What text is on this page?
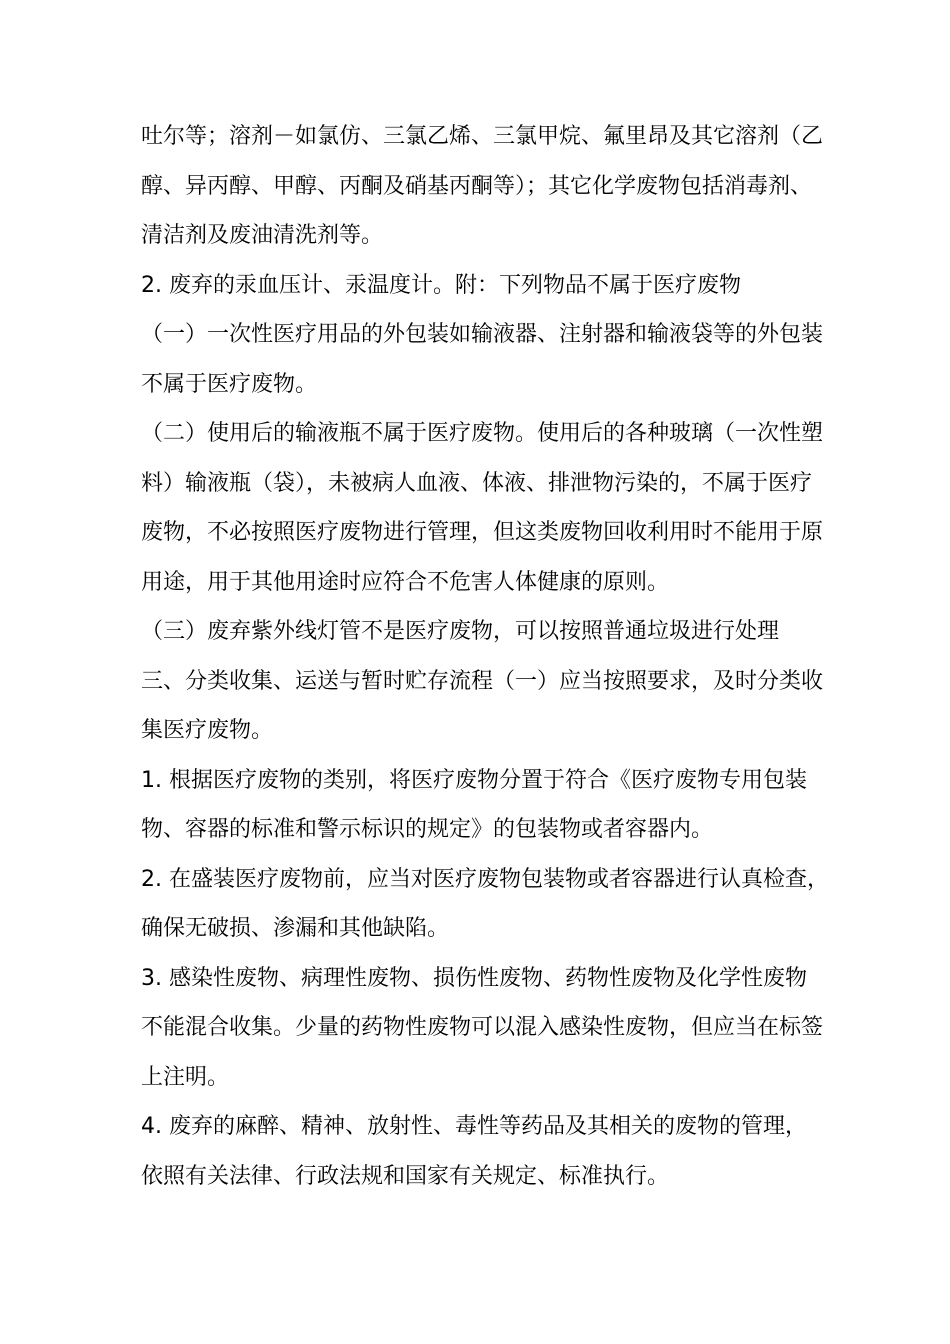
吐尔等；溶剂－如氯仿、三氯乙烯、三氯甲烷、氟里昂及其它溶剂（乙
醇、异丙醇、甲醇、丙酮及硝基丙酮等）；其它化学废物包括消毒剂、
清洁剂及废油清洗剂等。
2. 废弃的汞血压计、汞温度计。附：下列物品不属于医疗废物
（一）一次性医疗用品的外包装如输液器、注射器和输液袋等的外包装
不属于医疗废物。
（二）使用后的输液瓶不属于医疗废物。使用后的各种玻璃（一次性塑
料）输液瓶（袋），未被病人血液、体液、排泄物污染的，不属于医疗
废物，不必按照医疗废物进行管理，但这类废物回收利用时不能用于原
用途，用于其他用途时应符合不危害人体健康的原则。
（三）废弃紫外线灯管不是医疗废物，可以按照普通垃圾进行处理
三、分类收集、运送与暂时贮存流程（一）应当按照要求，及时分类收
集医疗废物。
1. 根据医疗废物的类别，将医疗废物分置于符合《医疗废物专用包装
物、容器的标准和警示标识的规定》的包装物或者容器内。
2. 在盛装医疗废物前，应当对医疗废物包装物或者容器进行认真检查，
确保无破损、渗漏和其他缺陷。
3. 感染性废物、病理性废物、损伤性废物、药物性废物及化学性废物
不能混合收集。少量的药物性废物可以混入感染性废物，但应当在标签
上注明。
4. 废弃的麻醉、精神、放射性、毒性等药品及其相关的废物的管理，
依照有关法律、行政法规和国家有关规定、标准执行。
